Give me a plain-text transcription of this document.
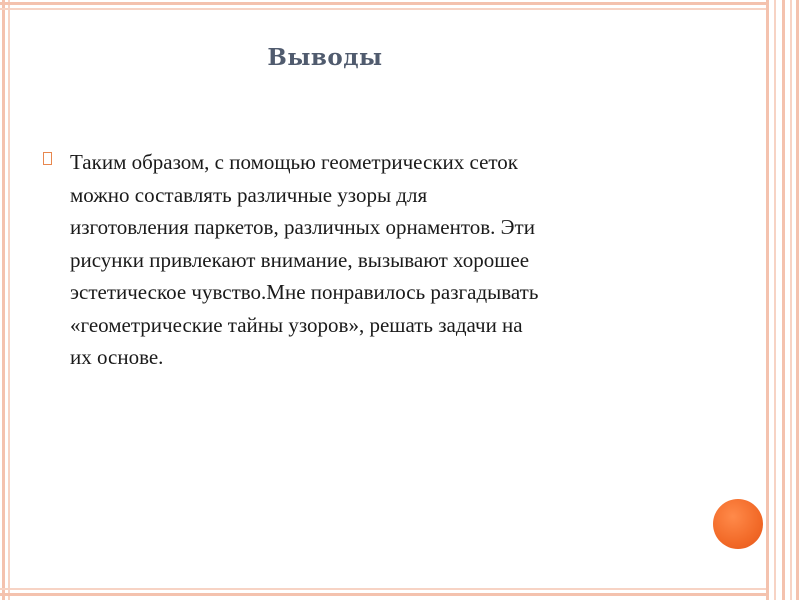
Выводы

Таким образом, с помощью геометрических сеток
можно составлять различные узоры для
изготовления паркетов, различных орнаментов. Эти
рисунки привлекают внимание, вызывают хорошее
эстетическое чувство.Мне понравилось разгадывать
«геометрические тайны узоров», решать задачи на
их основе.
